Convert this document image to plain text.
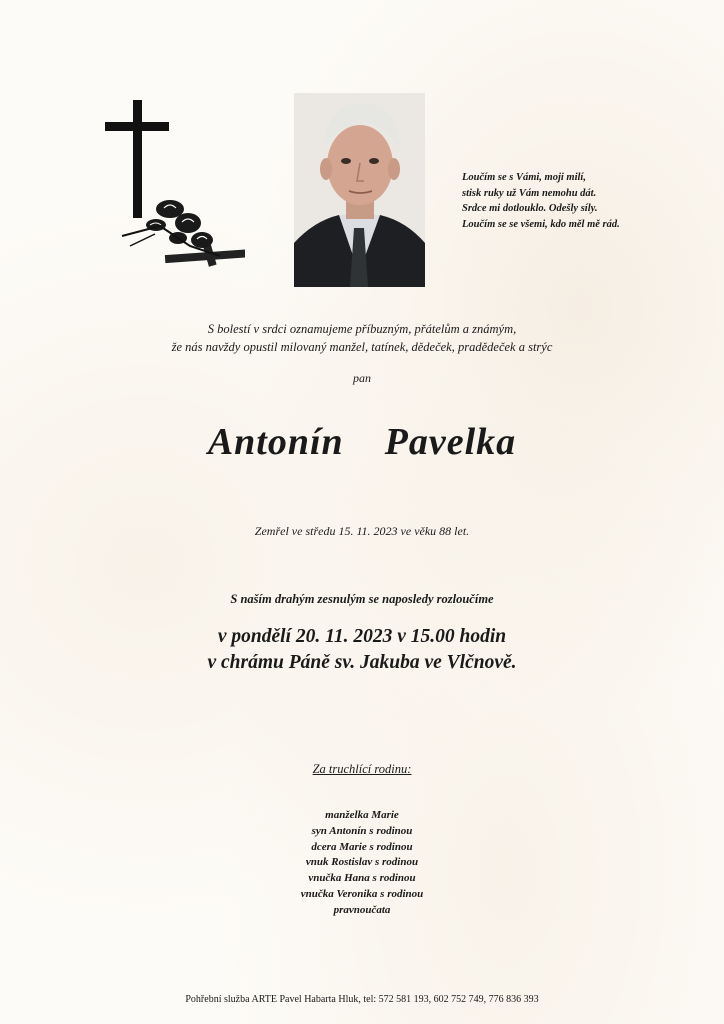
Loučím se s Vámi, moji milí,
stisk ruky už Vám nemohu dát.
Srdce mi dotlouklo. Odešly síly.
Loučím se se všemi, kdo měl mě rád.
S bolestí v srdci oznamujeme příbuzným, přátelům a známým,
že nás navždy opustil milovaný manžel, tatínek, dědeček, pradědeček a strýc
pan
Antonín  Pavelka
Zemřel ve středu 15. 11. 2023 ve věku 88 let.
S naším drahým zesnulým se naposledy rozloučíme
v pondělí 20. 11. 2023 v 15.00 hodin
v chrámu Páně sv. Jakuba ve Vlčnově.
Za truchlící rodinu:
manželka Marie
syn Antonín s rodinou
dcera Marie s rodinou
vnuk Rostislav s rodinou
vnučka Hana s rodinou
vnučka Veronika s rodinou
pravnoučata
Pohřební služba ARTE Pavel Habarta Hluk, tel: 572 581 193, 602 752 749, 776 836 393
